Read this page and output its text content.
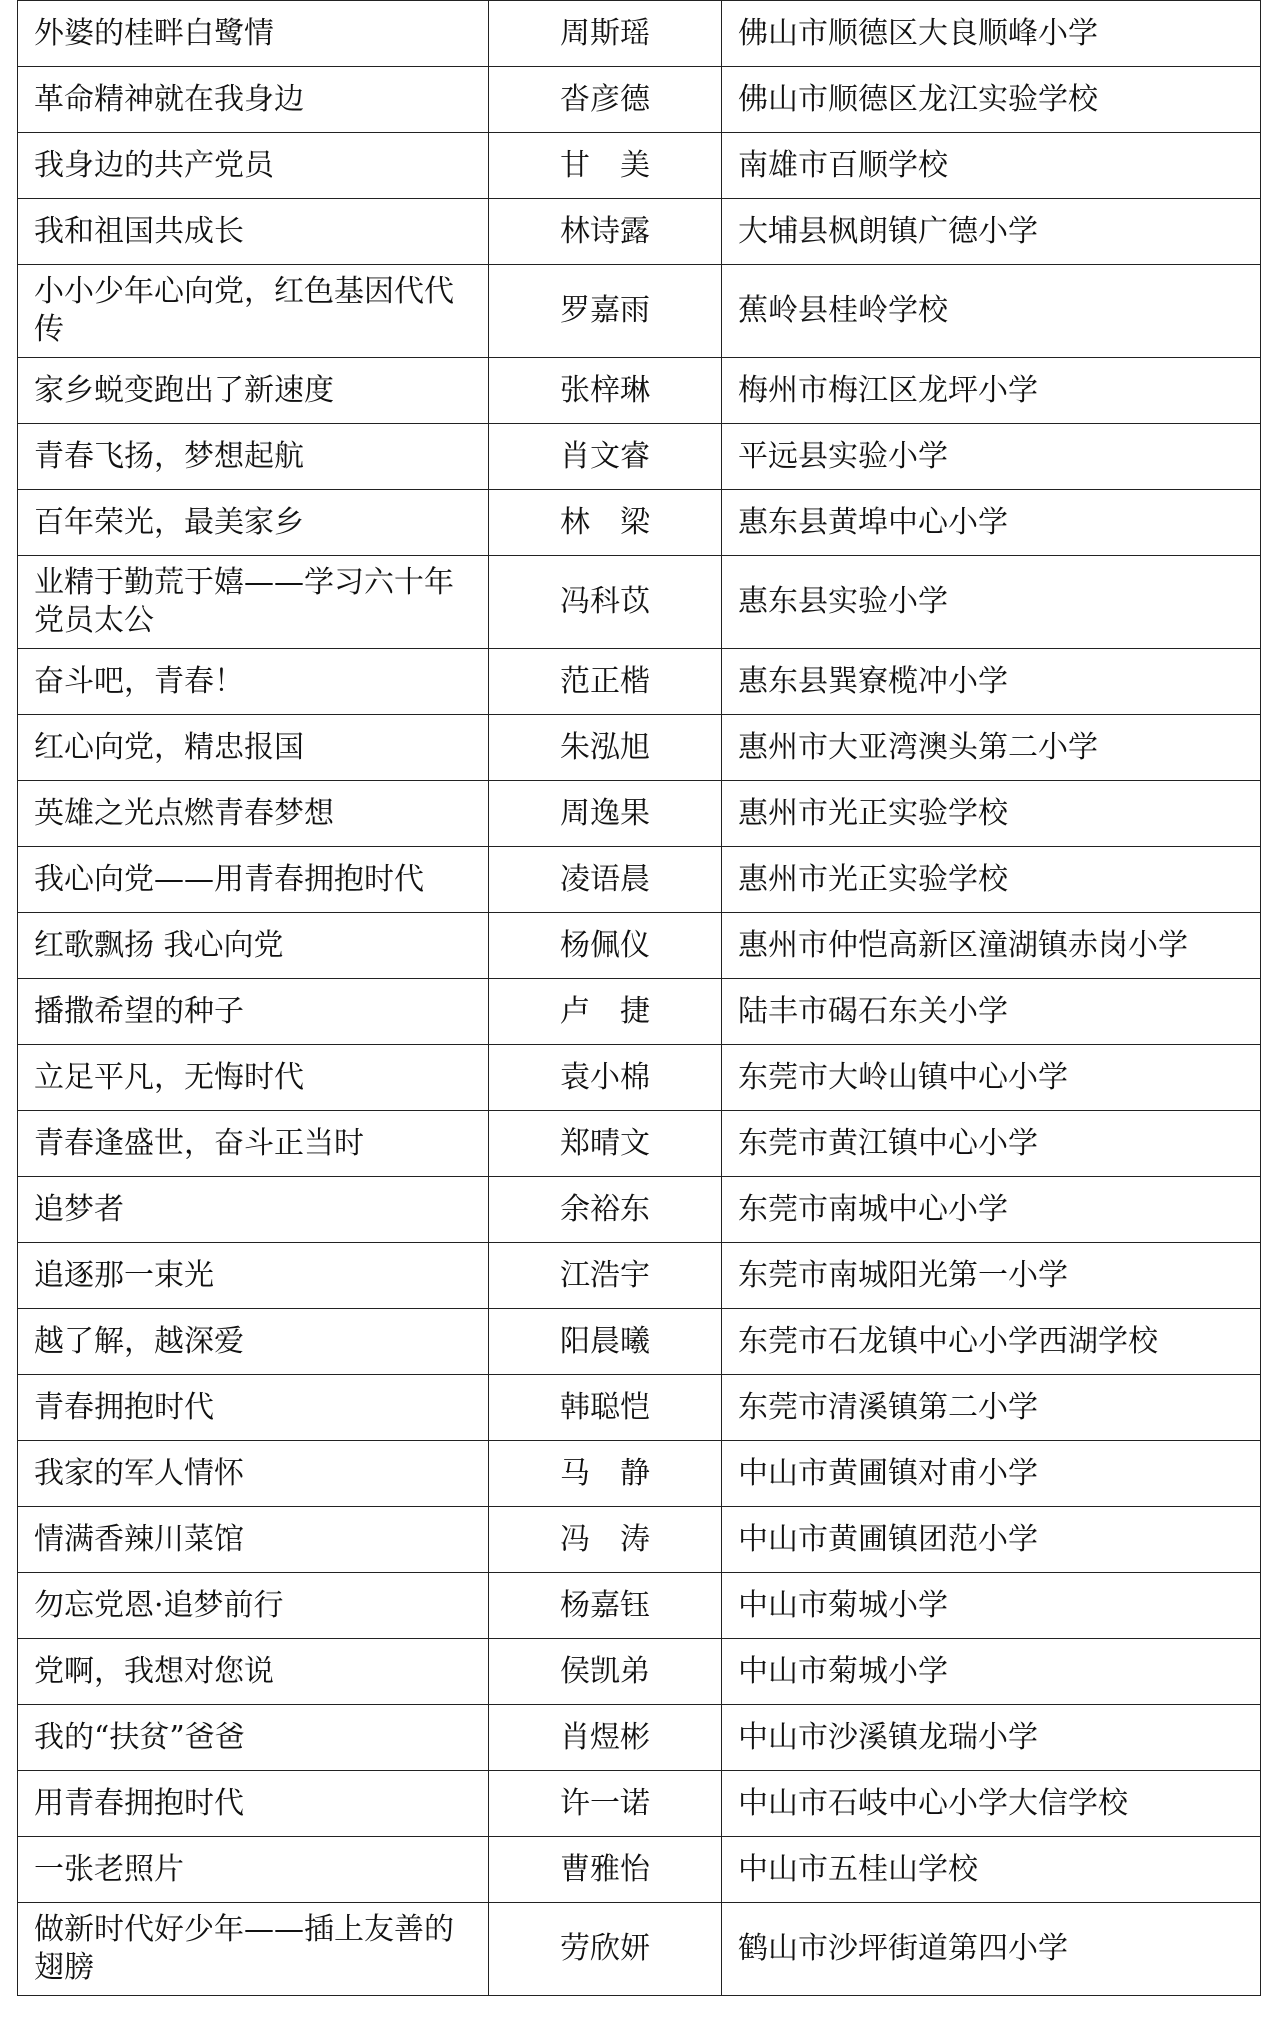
外婆的桂畔白鹭情	周斯瑶	佛山市顺德区大良顺峰小学
革命精神就在我身边	沓彦德	佛山市顺德区龙江实验学校
我身边的共产党员	甘　美	南雄市百顺学校
我和祖国共成长	林诗露	大埔县枫朗镇广德小学
小小少年心向党，红色基因代代传	罗嘉雨	蕉岭县桂岭学校
家乡蜕变跑出了新速度	张梓琳	梅州市梅江区龙坪小学
青春飞扬，梦想起航	肖文睿	平远县实验小学
百年荣光，最美家乡	林　梁	惠东县黄埠中心小学
业精于勤荒于嬉——学习六十年党员太公	冯科苡	惠东县实验小学
奋斗吧，青春！	范正楷	惠东县巽寮榄冲小学
红心向党，精忠报国	朱泓旭	惠州市大亚湾澳头第二小学
英雄之光点燃青春梦想	周逸果	惠州市光正实验学校
我心向党——用青春拥抱时代	凌语晨	惠州市光正实验学校
红歌飘扬 我心向党	杨佩仪	惠州市仲恺高新区潼湖镇赤岗小学
播撒希望的种子	卢　捷	陆丰市碣石东关小学
立足平凡，无悔时代	袁小棉	东莞市大岭山镇中心小学
青春逢盛世，奋斗正当时	郑晴文	东莞市黄江镇中心小学
追梦者	余裕东	东莞市南城中心小学
追逐那一束光	江浩宇	东莞市南城阳光第一小学
越了解，越深爱	阳晨曦	东莞市石龙镇中心小学西湖学校
青春拥抱时代	韩聪恺	东莞市清溪镇第二小学
我家的军人情怀	马　静	中山市黄圃镇对甫小学
情满香辣川菜馆	冯　涛	中山市黄圃镇团范小学
勿忘党恩·追梦前行	杨嘉钰	中山市菊城小学
党啊，我想对您说	侯凯弟	中山市菊城小学
我的“扶贫”爸爸	肖煜彬	中山市沙溪镇龙瑞小学
用青春拥抱时代	许一诺	中山市石岐中心小学大信学校
一张老照片	曹雅怡	中山市五桂山学校
做新时代好少年——插上友善的翅膀	劳欣妍	鹤山市沙坪街道第四小学
